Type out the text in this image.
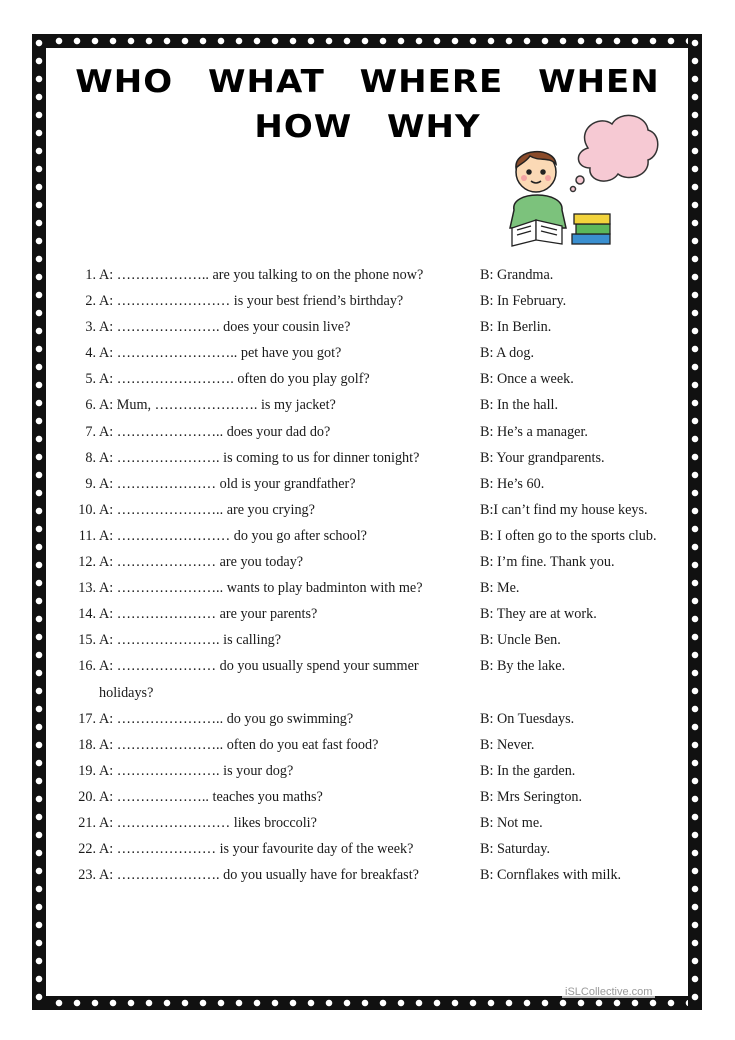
WHO WHAT WHERE WHEN
HOW WHY
1. A: ……………….. are you talking to on the phone now?	B: Grandma.
2. A: …………………… is your best friend’s birthday?	B: In February.
3. A: …………………. does your cousin live?	B: In Berlin.
4. A: …………………….. pet have you got?	B: A dog.
5. A: ……………………. often do you play golf?	B: Once a week.
6. A: Mum, …………………. is my jacket?	B: In the hall.
7. A: ………………….. does your dad do?	B: He’s a manager.
8. A: …………………. is coming to us for dinner tonight?	B: Your grandparents.
9. A: ………………… old is your grandfather?	B: He’s 60.
10. A: ………………….. are you crying?	B:I can’t find my house keys.
11. A: …………………… do you go after school?	B: I often go to the sports club.
12. A: ………………… are you today?	B: I’m fine. Thank you.
13. A: ………………….. wants to play badminton with me?	B: Me.
14. A: ………………… are your parents?	B: They are at work.
15. A: …………………. is calling?	B: Uncle Ben.
16. A: ………………… do you usually spend your summer	B: By the lake.
holidays?
17. A: ………………….. do you go swimming?	B: On Tuesdays.
18. A: ………………….. often do you eat fast food?	B: Never.
19. A: …………………. is your dog?	B: In the garden.
20. A: ……………….. teaches you maths?	B: Mrs Serington.
21. A: …………………… likes broccoli?	B: Not me.
22. A: ………………… is your favourite day of the week?	B: Saturday.
23. A: …………………. do you usually have for breakfast?	B: Cornflakes with milk.
iSLCollective.com
